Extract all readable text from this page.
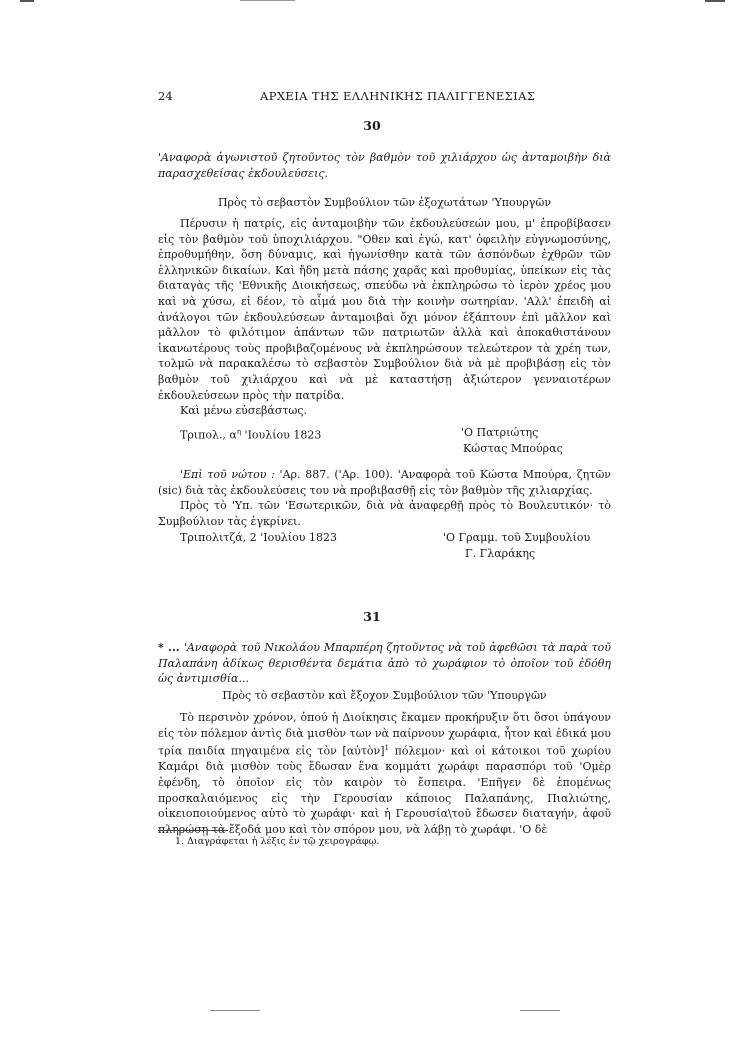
24	ΑΡΧΕΙΑ ΤΗΣ ΕΛΛΗΝΙΚΗΣ ΠΑΛΙΓΓΕΝΕΣΙΑΣ
30
'Αναφορὰ ἀγωνιστοῦ ζητοῦντος τὸν βαθμὸν τοῦ χιλιάρχου ὡς ἀνταμοιβὴν διὰ παρασχεθείσας ἐκδουλεύσεις.
Πρὸς τὸ σεβαστὸν Συμβούλιον τῶν ἐξοχωτάτων 'Υπουργῶν

Πέρυσιν ἡ πατρίς, εἰς ἀνταμοιβὴν τῶν ἐκδουλεύσεών μου, μ' ἐπροβίβασεν εἰς τὸν βαθμὸν τοῦ ὑποχιλιάρχου. "Οθεν καὶ ἐγώ, κατ' ὀφειλὴν εὐγνωμοσύνης, ἐπροθυμήθην, ὅση δύναμις, καὶ ἠγωνίσθην κατὰ τῶν ἀσπόνδων ἐχθρῶν τῶν ἑλληνικῶν δικαίων. Καὶ ἤδη μετὰ πάσης χαρᾶς καὶ προθυμίας, ὑπείκων εἰς τὰς διαταγὰς τῆς 'Εθνικῆς Διοικήσεως, σπεύδω νὰ ἐκπληρώσω τὸ ἱερὸν χρέος μου καὶ νὰ χύσω, εἰ δέον, τὸ αἷμά μου διὰ τὴν κοινὴν σωτηρίαν. 'Αλλ' ἐπειδὴ αἱ ἀνάλογοι τῶν ἐκδουλεύσεων ἀνταμοιβαὶ ὄχι μόνον ἐξάπτουν ἐπὶ μᾶλλον καὶ μᾶλλον τὸ φιλότιμον ἁπάντων τῶν πατριωτῶν ἀλλὰ καὶ ἀποκαθιστάνουν ἱκανωτέρους τοὺς προβιβαζομένους νὰ ἐκπληρώσουν τελεώτερον τὰ χρέη των, τολμῶ νὰ παρακαλέσω τὸ σεβαστὸν Συμβούλιον διὰ νὰ μὲ προβιβάσῃ εἰς τὸν βαθμὸν τοῦ χιλιάρχου καὶ νὰ μὲ καταστήσῃ ἀξιώτερον γενναιοτέρων ἐκδουλεύσεων πρὸς τὴν πατρίδα.

Καὶ μένω εὐσεβάστως.

Τριπολ., $\alpha^\eta$ 'Ιουλίου 1823	'Ο Πατριώτης
Κώστας Μπούρας

'Επὶ τοῦ νώτου : 'Αρ. 887. ('Αρ. 100). 'Αναφορὰ τοῦ Κώστα Μπούρα, ζητῶν (sic) διὰ τὰς ἐκδουλεύσεις του νὰ προβιβασθῇ εἰς τὸν βαθμὸν τῆς χιλιαρχίας.

Πρὸς τὸ 'Υπ. τῶν 'Εσωτερικῶν, διὰ νὰ ἀναφερθῇ πρὸς τὸ Βουλευτικόν· τὸ Συμβούλιον τὰς ἐγκρίνει.

Τριπολιτζά, 2 'Ιουλίου 1823	'Ο Γραμμ. τοῦ Συμβουλίου
Γ. Γλαράκης
31
* ... 'Αναφορὰ τοῦ Νικολάου Μπαρπέρη ζητοῦντος νὰ τοῦ ἀφεθῶσι τὰ παρὰ τοῦ Παλαπάνη ἀδίκως θερισθέντα δεμάτια ἀπὸ τὸ χωράφιον τὸ ὁποῖον τοῦ ἐδόθη ὡς ἀντιμισθία...
Πρὸς τὸ σεβαστὸν καὶ ἔξοχον Συμβούλιον τῶν 'Υπουργῶν

Τὸ περσινὸν χρόνον, ὁπού ἡ Διοίκησις ἔκαμεν προκήρυξιν ὅτι ὅσοι ὑπάγουν εἰς τὸν πόλεμον ἀντὶς διὰ μισθὸν των νὰ παίρνουν χωράφια, ἦτον καὶ ἐδικά μου τρία παιδία πηγαιμένα εἰς τὸν [αὐτὸν]$^1$ πόλεμον· καὶ οἱ κάτοικοι τοῦ χωρίου Καμάρι διὰ μισθὸν τοὺς ἔδωσαν ἕνα κομμάτι χωράφι παρασπόρι τοῦ 'Ομὲρ ἐφένδη, τὸ ὁποῖον εἰς τὸν καιρὸν τὸ ἔσπειρα. 'Επῆγεν δὲ ἑπομένως προσκαλαιόμενος εἰς τὴν Γερουσίαν κάποιος Παλαπάνης, Πιαλιώτης, οἰκειοποιούμενος αὐτὸ τὸ χωράφι· καὶ ἡ Γερουσία\τοῦ ἔδωσεν διαταγήν, ἀφοῦ πληρώσῃ τὰ ἔξοδά μου καὶ τὸν σπόρον μου, νὰ λάβῃ τὸ χωράφι. 'Ο δὲ

1. Διαγράφεται ἡ λέξις ἐν τῷ χειρογράφῳ.
